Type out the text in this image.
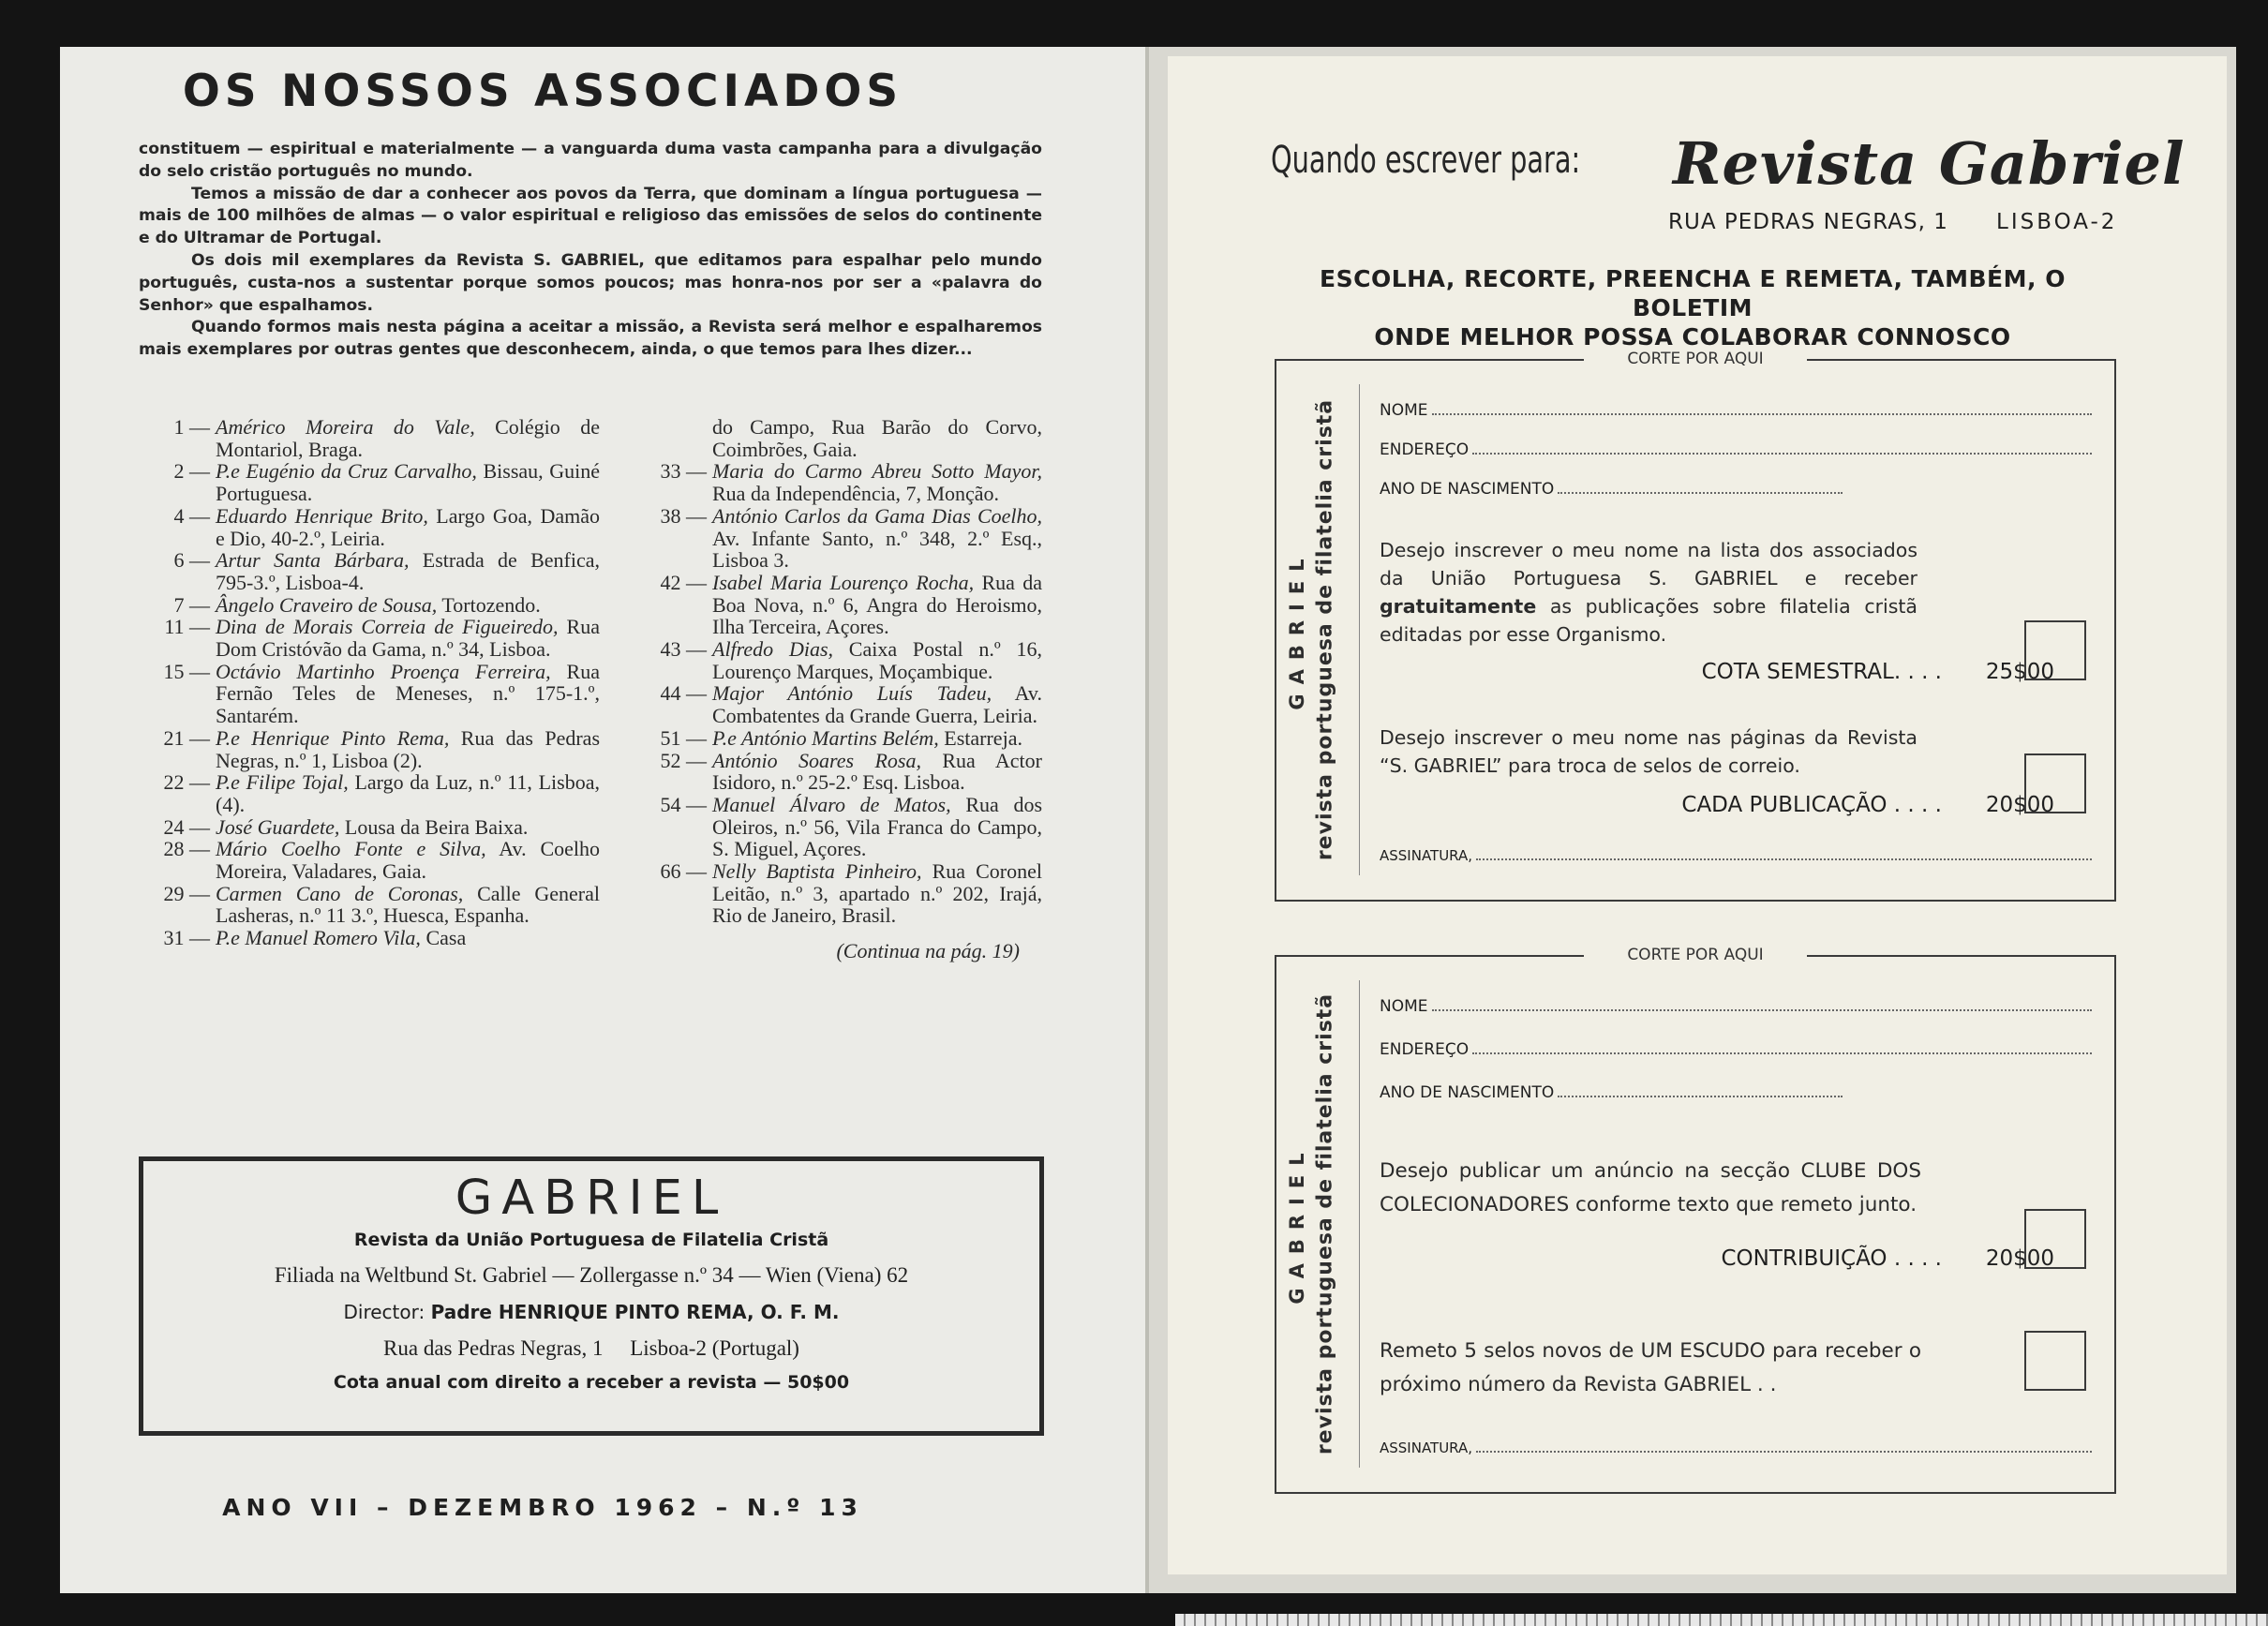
OS NOSSOS ASSOCIADOS

constituem — espiritual e materialmente — a vanguarda duma vasta campanha para a divulgação do selo cristão português no mundo.

Temos a missão de dar a conhecer aos povos da Terra, que dominam a língua portuguesa — mais de 100 milhões de almas — o valor espiritual e religioso das emissões de selos do continente e do Ultramar de Portugal.

Os dois mil exemplares da Revista S. GABRIEL, que editamos para espalhar pelo mundo português, custa-nos a sustentar porque somos poucos; mas honra-nos por ser a «palavra do Senhor» que espalhamos.

Quando formos mais nesta página a aceitar a missão, a Revista será melhor e espalharemos mais exemplares por outras gentes que desconhecem, ainda, o que temos para lhes dizer...

1 —	Américo Moreira do Vale, Colégio de Montariol, Braga.
2 —	P.e Eugénio da Cruz Carvalho, Bissau, Guiné Portuguesa.
4 —	Eduardo Henrique Brito, Largo Goa, Damão e Dio, 40-2.º, Leiria.
6 —	Artur Santa Bárbara, Estrada de Benfica, 795-3.º, Lisboa-4.
7 —	Ângelo Craveiro de Sousa, Tortozendo.
11 —	Dina de Morais Correia de Figueiredo, Rua Dom Cristóvão da Gama, n.º 34, Lisboa.
15 —	Octávio Martinho Proença Ferreira, Rua Fernão Teles de Meneses, n.º 175-1.º, Santarém.
21 —	P.e Henrique Pinto Rema, Rua das Pedras Negras, n.º 1, Lisboa (2).
22 —	P.e Filipe Tojal, Largo da Luz, n.º 11, Lisboa, (4).
24 —	José Guardete, Lousa da Beira Baixa.
28 —	Mário Coelho Fonte e Silva, Av. Coelho Moreira, Valadares, Gaia.
29 —	Carmen Cano de Coronas, Calle General Lasheras, n.º 11 3.º, Huesca, Espanha.
31 —	P.e Manuel Romero Vila, Casa
do Campo, Rua Barão do Corvo, Coimbrões, Gaia.
33 —	Maria do Carmo Abreu Sotto Mayor, Rua da Independência, 7, Monção.
38 —	António Carlos da Gama Dias Coelho, Av. Infante Santo, n.º 348, 2.º Esq., Lisboa 3.
42 —	Isabel Maria Lourenço Rocha, Rua da Boa Nova, n.º 6, Angra do Heroismo, Ilha Terceira, Açores.
43 —	Alfredo Dias, Caixa Postal n.º 16, Lourenço Marques, Moçambique.
44 —	Major António Luís Tadeu, Av. Combatentes da Grande Guerra, Leiria.
51 —	P.e António Martins Belém, Estarreja.
52 —	António Soares Rosa, Rua Actor Isidoro, n.º 25-2.º Esq. Lisboa.
54 —	Manuel Álvaro de Matos, Rua dos Oleiros, n.º 56, Vila Franca do Campo, S. Miguel, Açores.
66 —	Nelly Baptista Pinheiro, Rua Coronel Leitão, n.º 3, apartado n.º 202, Irajá, Rio de Janeiro, Brasil.
(Continua na pág. 19)
GABRIEL
Revista da União Portuguesa de Filatelia Cristã
Filiada na Weltbund St. Gabriel — Zollergasse n.º 34 — Wien (Viena) 62
Director: Padre HENRIQUE PINTO REMA, O. F. M.
Rua das Pedras Negras, 1     Lisboa-2 (Portugal)
Cota anual com direito a receber a revista — 50$00
ANO VII – DEZEMBRO 1962 – N.º 13
Quando escrever para: Revista Gabriel
RUA PEDRAS NEGRAS, 1 LISBOA-2
ESCOLHA, RECORTE, PREENCHA E REMETA, TAMBÉM, O BOLETIM
ONDE MELHOR POSSA COLABORAR CONNOSCO
CORTE POR AQUI
GABRIEL revista portuguesa de filatelia cristã	NOME
ENDEREÇO
ANO DE NASCIMENTO
Desejo inscrever o meu nome na lista dos associados da União Portuguesa S. GABRIEL e receber gratuitamente as publicações sobre filatelia cristã editadas por esse Organismo.
COTA SEMESTRAL. . . .	25$00
Desejo inscrever o meu nome nas páginas da Revista “S. GABRIEL” para troca de selos de correio.
CADA PUBLICAÇÃO . . . .	20$00
ASSINATURA,
CORTE POR AQUI
GABRIEL revista portuguesa de filatelia cristã	NOME
ENDEREÇO
ANO DE NASCIMENTO
Desejo publicar um anúncio na secção CLUBE DOS COLECIONADORES conforme texto que remeto junto.
CONTRIBUIÇÃO . . . .	20$00
Remeto 5 selos novos de UM ESCUDO para receber o próximo número da Revista GABRIEL . .
ASSINATURA,
